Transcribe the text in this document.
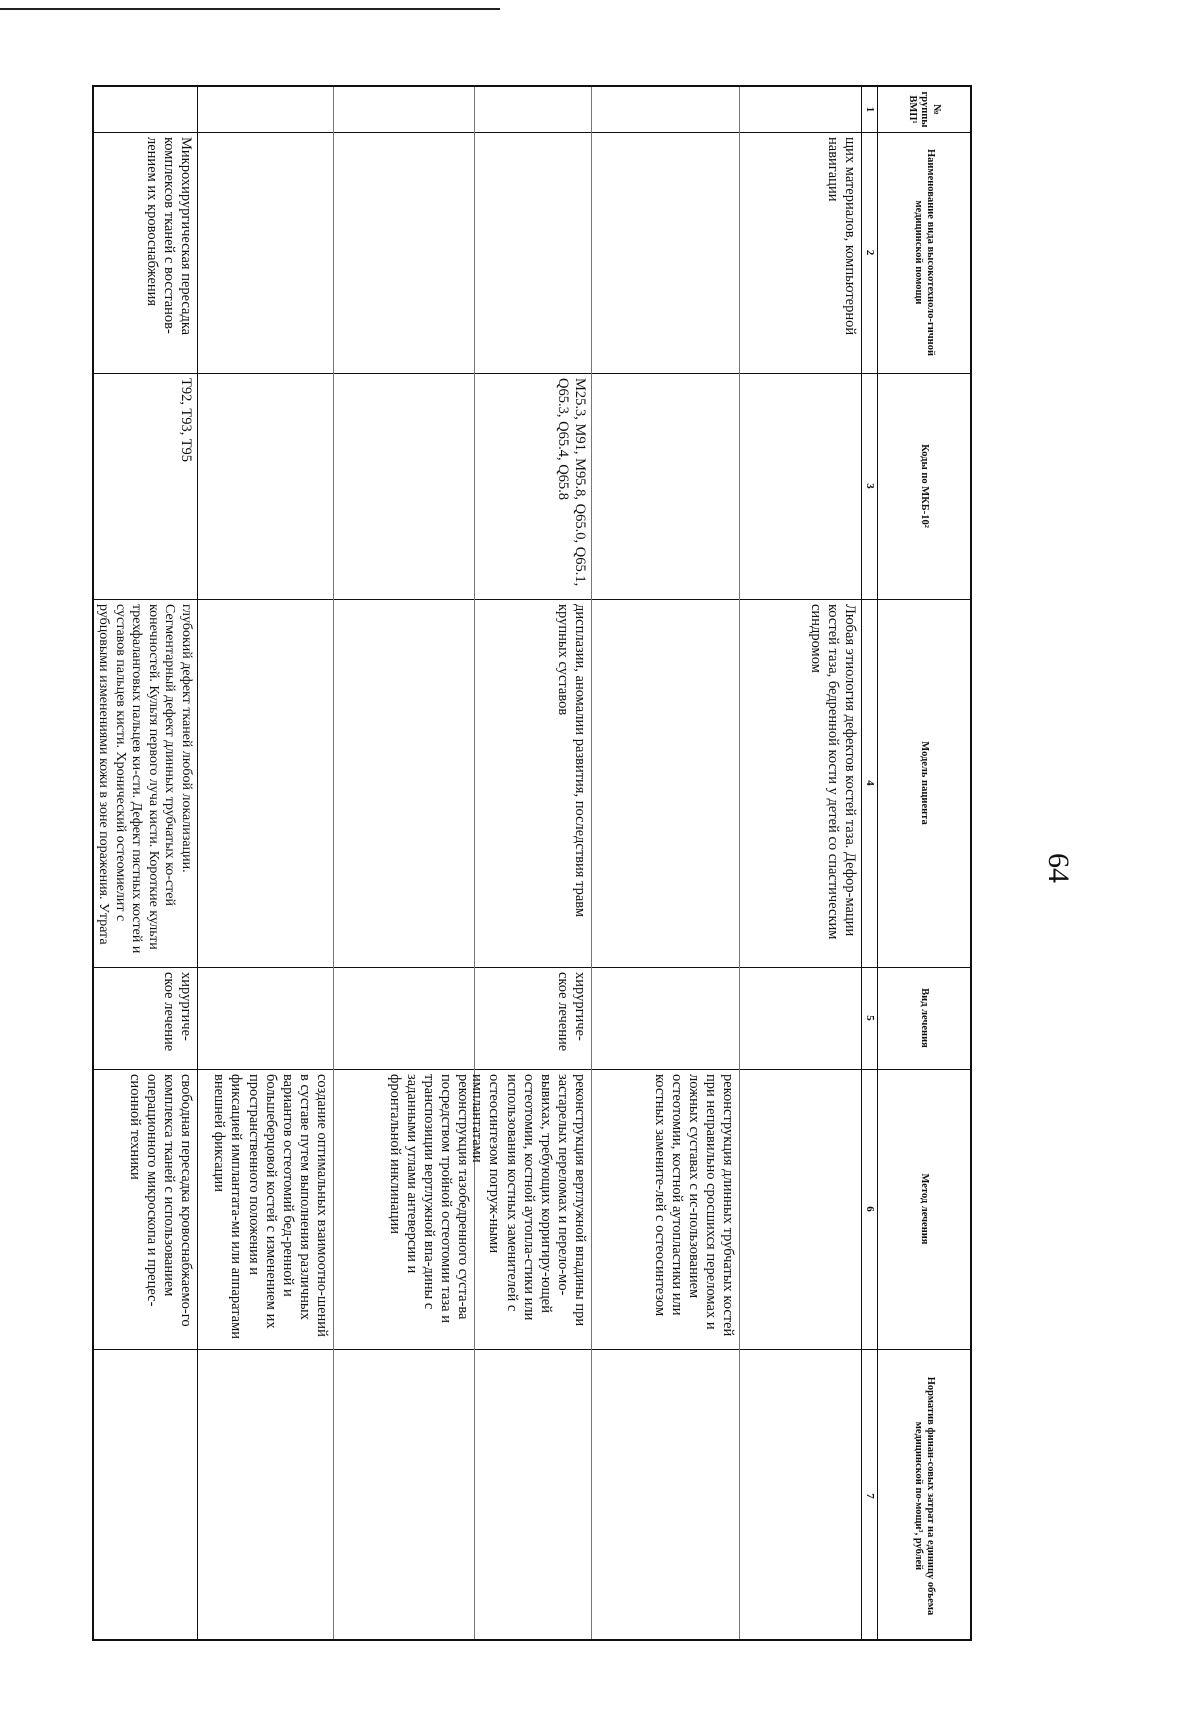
64
№ группы ВМП¹
Наименование вида высокотехноло-гичной медицинской помощи
Коды по МКБ-10²
Модель пациента
Вид лечения
Метод лечения
Норматив финан-совых затрат на единицу объема медицинской по-мощи³, рублей
1
2
3
4
5
6
7
щих материалов, компьютерной навигации
Любая этиология дефектов костей таза. Дефор-мации костей таза, бедренной кости у детей со спастическим синдромом
реконструкция длинных трубчатых костей при неправильно сросшихся переломах и ложных суставах с ис-пользованием остеотомии, костной аутопластики или костных замените-лей с остеосинтезом
M25.3, M91, M95.8, Q65.0, Q65.1, Q65.3, Q65.4, Q65.8
дисплазии, аномалии развития, последствия травм крупных суставов
хирургиче-ское лечение
реконструкция вертлужной впадины при застарелых переломах и перело-мо-вывихах, требующих корригиру-ющей остеотомии, костной аутопла-стики или использования костных заменителей с остеосинтезом погруж-ными имплантатами
реконструкция тазобедренного суста-ва посредством тройной остеотомии таза и транспозиции вертлужной впа-дины с заданными углами антеверсии и фронтальной инклинации
создание оптимальных взаимоотно-шений в суставе путем выполнения различных вариантов остеотомий бед-ренной и большеберцовой костей с изменением их пространственного положения и фиксацией имплантата-ми или аппаратами внешней фиксации
Микрохирургическая пересадка комплексов тканей с восстанов-лением их кровоснабжения
T92, T93, T95
глубокий дефект тканей любой локализации. Сегментарный дефект длинных трубчатых ко-стей конечностей. Культя первого луча кисти. Короткие культи трехфаланговых пальцев ки-сти. Дефект пястных костей и суставов пальцев кисти. Хронический остеомиелит с рубцовыми изменениями кожи в зоне поражения. Утрата
хирургиче-ское лечение
свободная пересадка кровоснабжаемо-го комплекса тканей с использованием операционного микроскопа и прецес-сионной техники
